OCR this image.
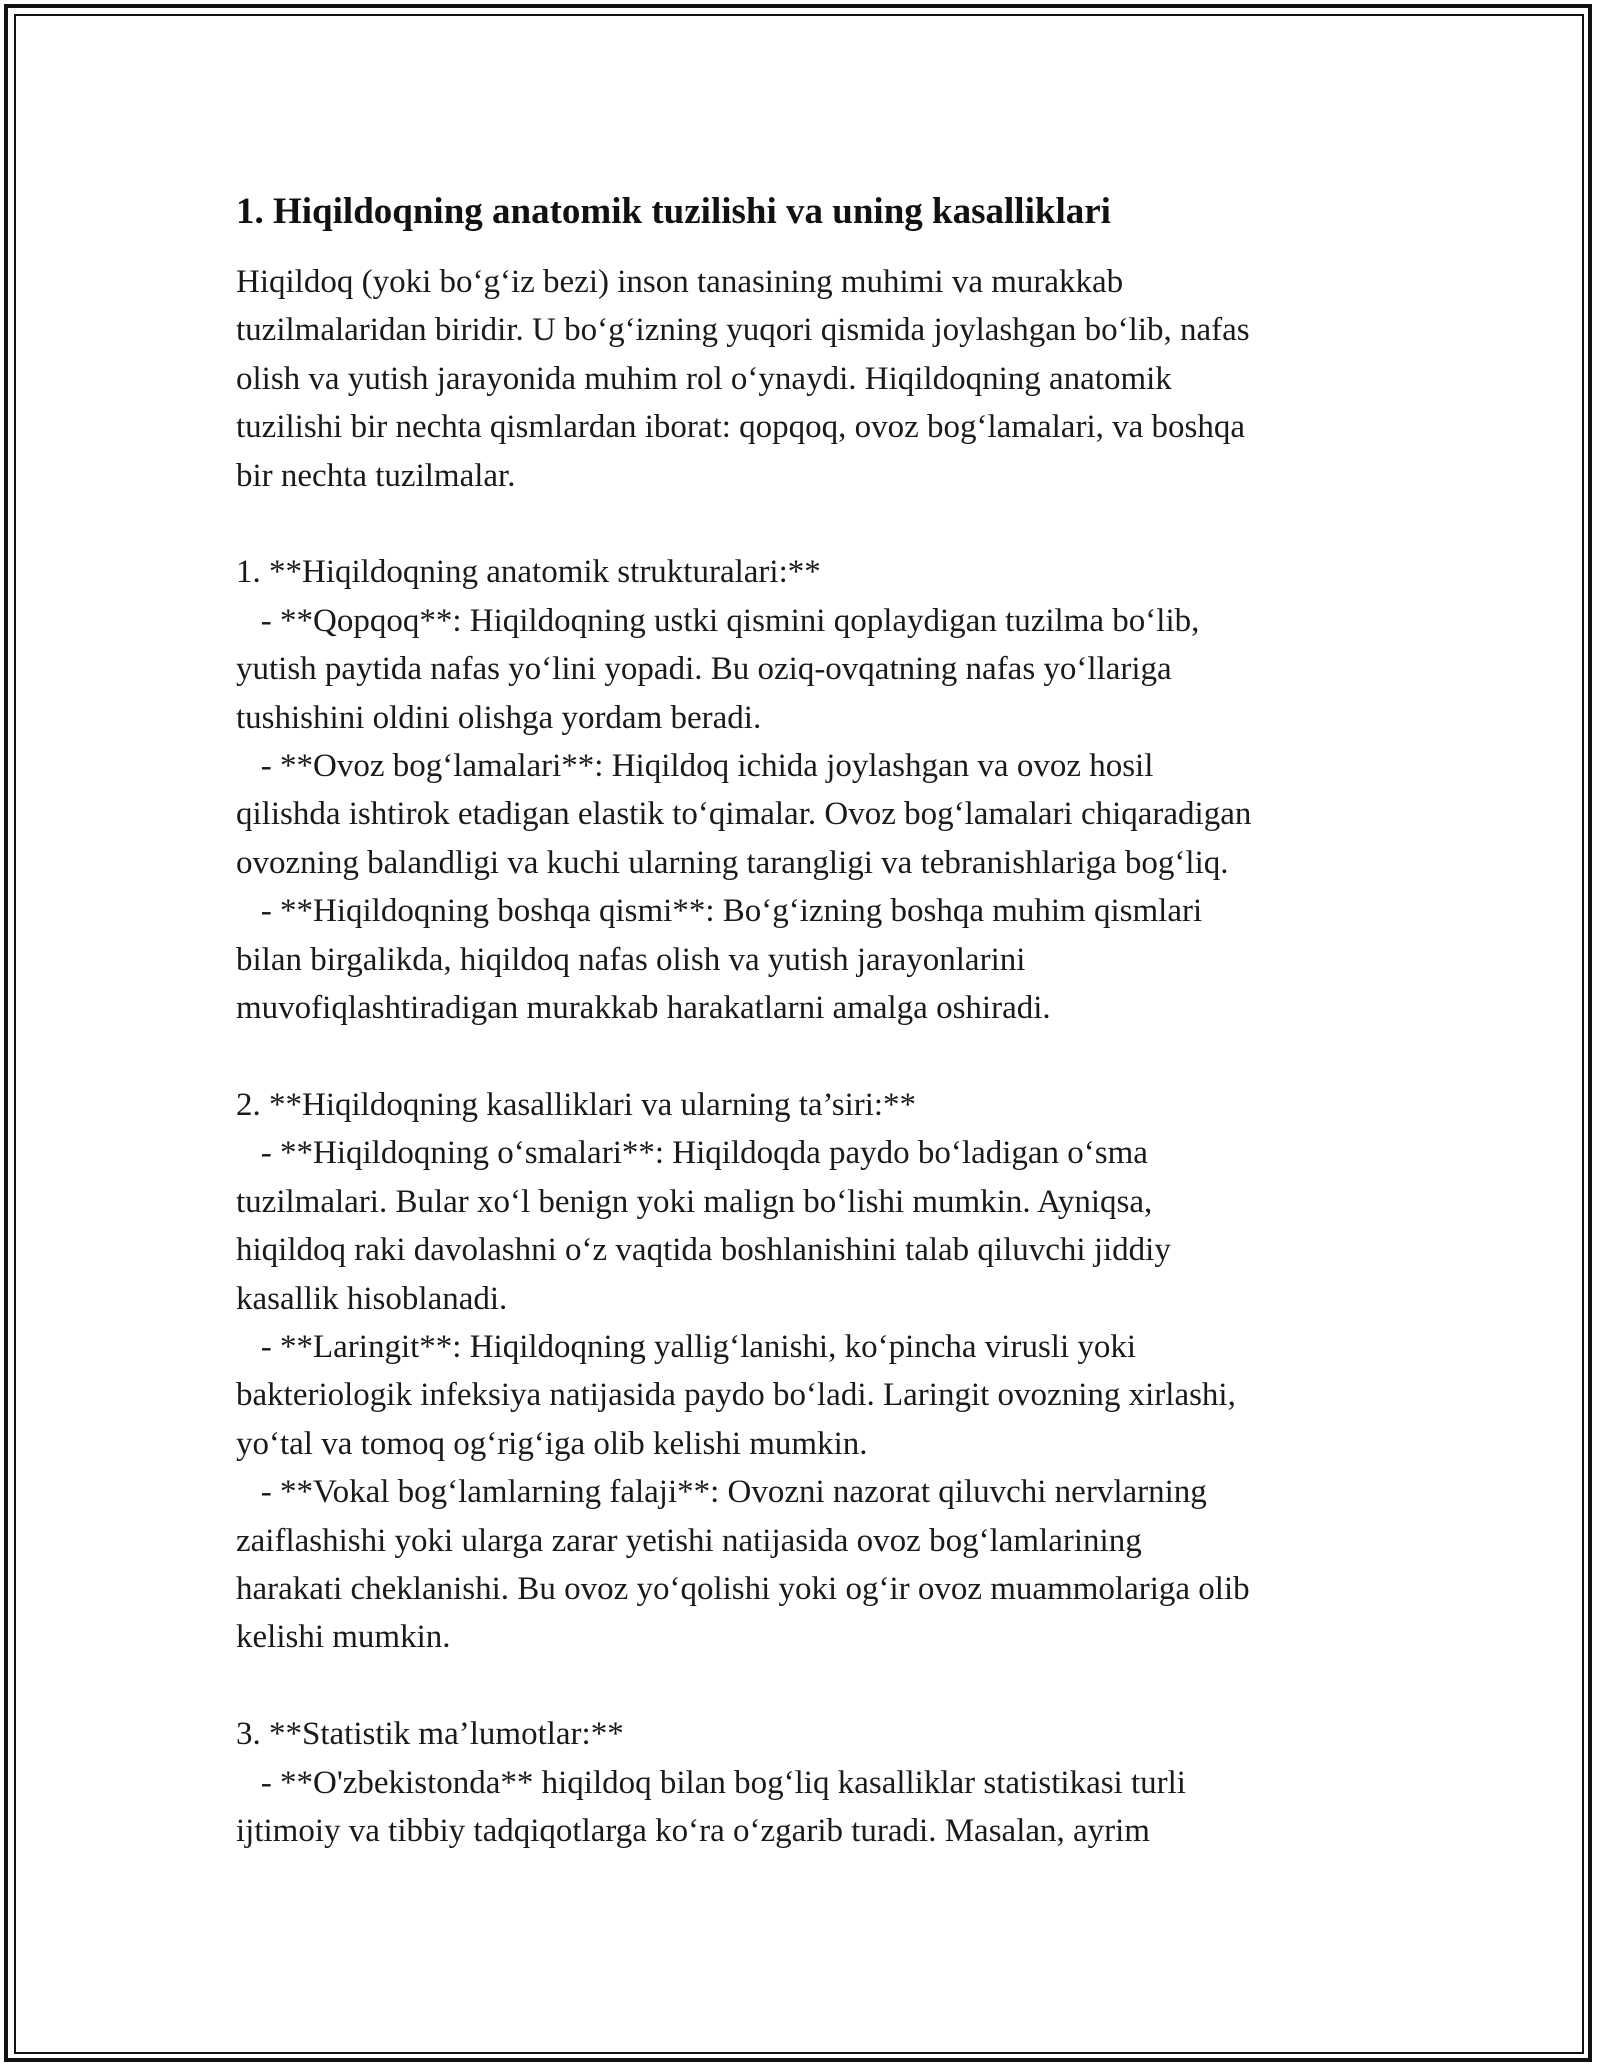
1. Hiqildoqning anatomik tuzilishi va uning kasalliklari

Hiqildoq (yoki bo‘g‘iz bezi) inson tanasining muhimi va murakkab
tuzilmalaridan biridir. U bo‘g‘izning yuqori qismida joylashgan bo‘lib, nafas
olish va yutish jarayonida muhim rol o‘ynaydi. Hiqildoqning anatomik
tuzilishi bir nechta qismlardan iborat: qopqoq, ovoz bog‘lamalari, va boshqa
bir nechta tuzilmalar.

1. **Hiqildoqning anatomik strukturalari:**
- **Qopqoq**: Hiqildoqning ustki qismini qoplaydigan tuzilma bo‘lib,
yutish paytida nafas yo‘lini yopadi. Bu oziq-ovqatning nafas yo‘llariga
tushishini oldini olishga yordam beradi.
- **Ovoz bog‘lamalari**: Hiqildoq ichida joylashgan va ovoz hosil
qilishda ishtirok etadigan elastik to‘qimalar. Ovoz bog‘lamalari chiqaradigan
ovozning balandligi va kuchi ularning tarangligi va tebranishlariga bog‘liq.
- **Hiqildoqning boshqa qismi**: Bo‘g‘izning boshqa muhim qismlari
bilan birgalikda, hiqildoq nafas olish va yutish jarayonlarini
muvofiqlashtiradigan murakkab harakatlarni amalga oshiradi.

2. **Hiqildoqning kasalliklari va ularning ta’siri:**
- **Hiqildoqning o‘smalari**: Hiqildoqda paydo bo‘ladigan o‘sma
tuzilmalari. Bular xo‘l benign yoki malign bo‘lishi mumkin. Ayniqsa,
hiqildoq raki davolashni o‘z vaqtida boshlanishini talab qiluvchi jiddiy
kasallik hisoblanadi.
- **Laringit**: Hiqildoqning yallig‘lanishi, ko‘pincha virusli yoki
bakteriologik infeksiya natijasida paydo bo‘ladi. Laringit ovozning xirlashi,
yo‘tal va tomoq og‘rig‘iga olib kelishi mumkin.
- **Vokal bog‘lamlarning falaji**: Ovozni nazorat qiluvchi nervlarning
zaiflashishi yoki ularga zarar yetishi natijasida ovoz bog‘lamlarining
harakati cheklanishi. Bu ovoz yo‘qolishi yoki og‘ir ovoz muammolariga olib
kelishi mumkin.

3. **Statistik ma’lumotlar:**
- **O'zbekistonda** hiqildoq bilan bog‘liq kasalliklar statistikasi turli
ijtimoiy va tibbiy tadqiqotlarga ko‘ra o‘zgarib turadi. Masalan, ayrim
